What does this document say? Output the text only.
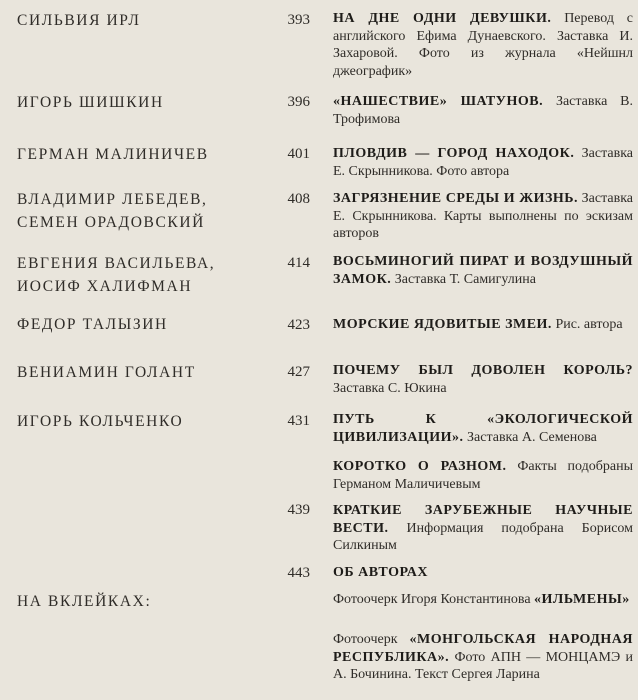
СИЛЬВИЯ ИРЛ	393 НА ДНЕ ОДНИ ДЕВУШКИ. Перевод с английского Ефима Дунаевского. Заставка И. Захаровой. Фото из журнала «Нейшнл джеографик»
ИГОРЬ ШИШКИН	396 «НАШЕСТВИЕ» ШАТУНОВ. Заставка В. Трофимова
ГЕРМАН МАЛИНИЧЕВ	401 ПЛОВДИВ — ГОРОД НАХОДОК. Заставка Е. Скрынникова. Фото автора
ВЛАДИМИР ЛЕБЕДЕВ,
СЕМЕН ОРАДОВСКИЙ
408 ЗАГРЯЗНЕНИЕ СРЕДЫ И ЖИЗНЬ. Заставка Е. Скрынникова. Карты выполнены по эскизам авторов
ЕВГЕНИЯ ВАСИЛЬЕВА,
ИОСИФ ХАЛИФМАН
414 ВОСЬМИНОГИЙ ПИРАТ И ВОЗДУШНЫЙ ЗАМОК. Заставка Т. Самигулина
ФЕДОР ТАЛЫЗИН	423 МОРСКИЕ ЯДОВИТЫЕ ЗМЕИ. Рис. автора
ВЕНИАМИН ГОЛАНТ	427 ПОЧЕМУ БЫЛ ДОВОЛЕН КОРОЛЬ? Заставка С. Юкина
ИГОРЬ КОЛЬЧЕНКО	431 ПУТЬ К «ЭКОЛОГИЧЕСКОЙ ЦИВИЛИЗАЦИИ». Заставка А. Семенова
КОРОТКО О РАЗНОМ. Факты подобраны Германом Маличичевым
439 КРАТКИЕ ЗАРУБЕЖНЫЕ НАУЧНЫЕ ВЕСТИ. Информация подобрана Борисом Силкиным
443 ОБ АВТОРАХ
НА ВКЛЕЙКАХ:	Фотоочерк Игоря Константинова «ИЛЬМЕНЫ»
Фотоочерк «МОНГОЛЬСКАЯ НАРОДНАЯ РЕСПУБЛИКА». Фото АПН — МОНЦАМЭ и А. Бочинина. Текст Сергея Ларина
